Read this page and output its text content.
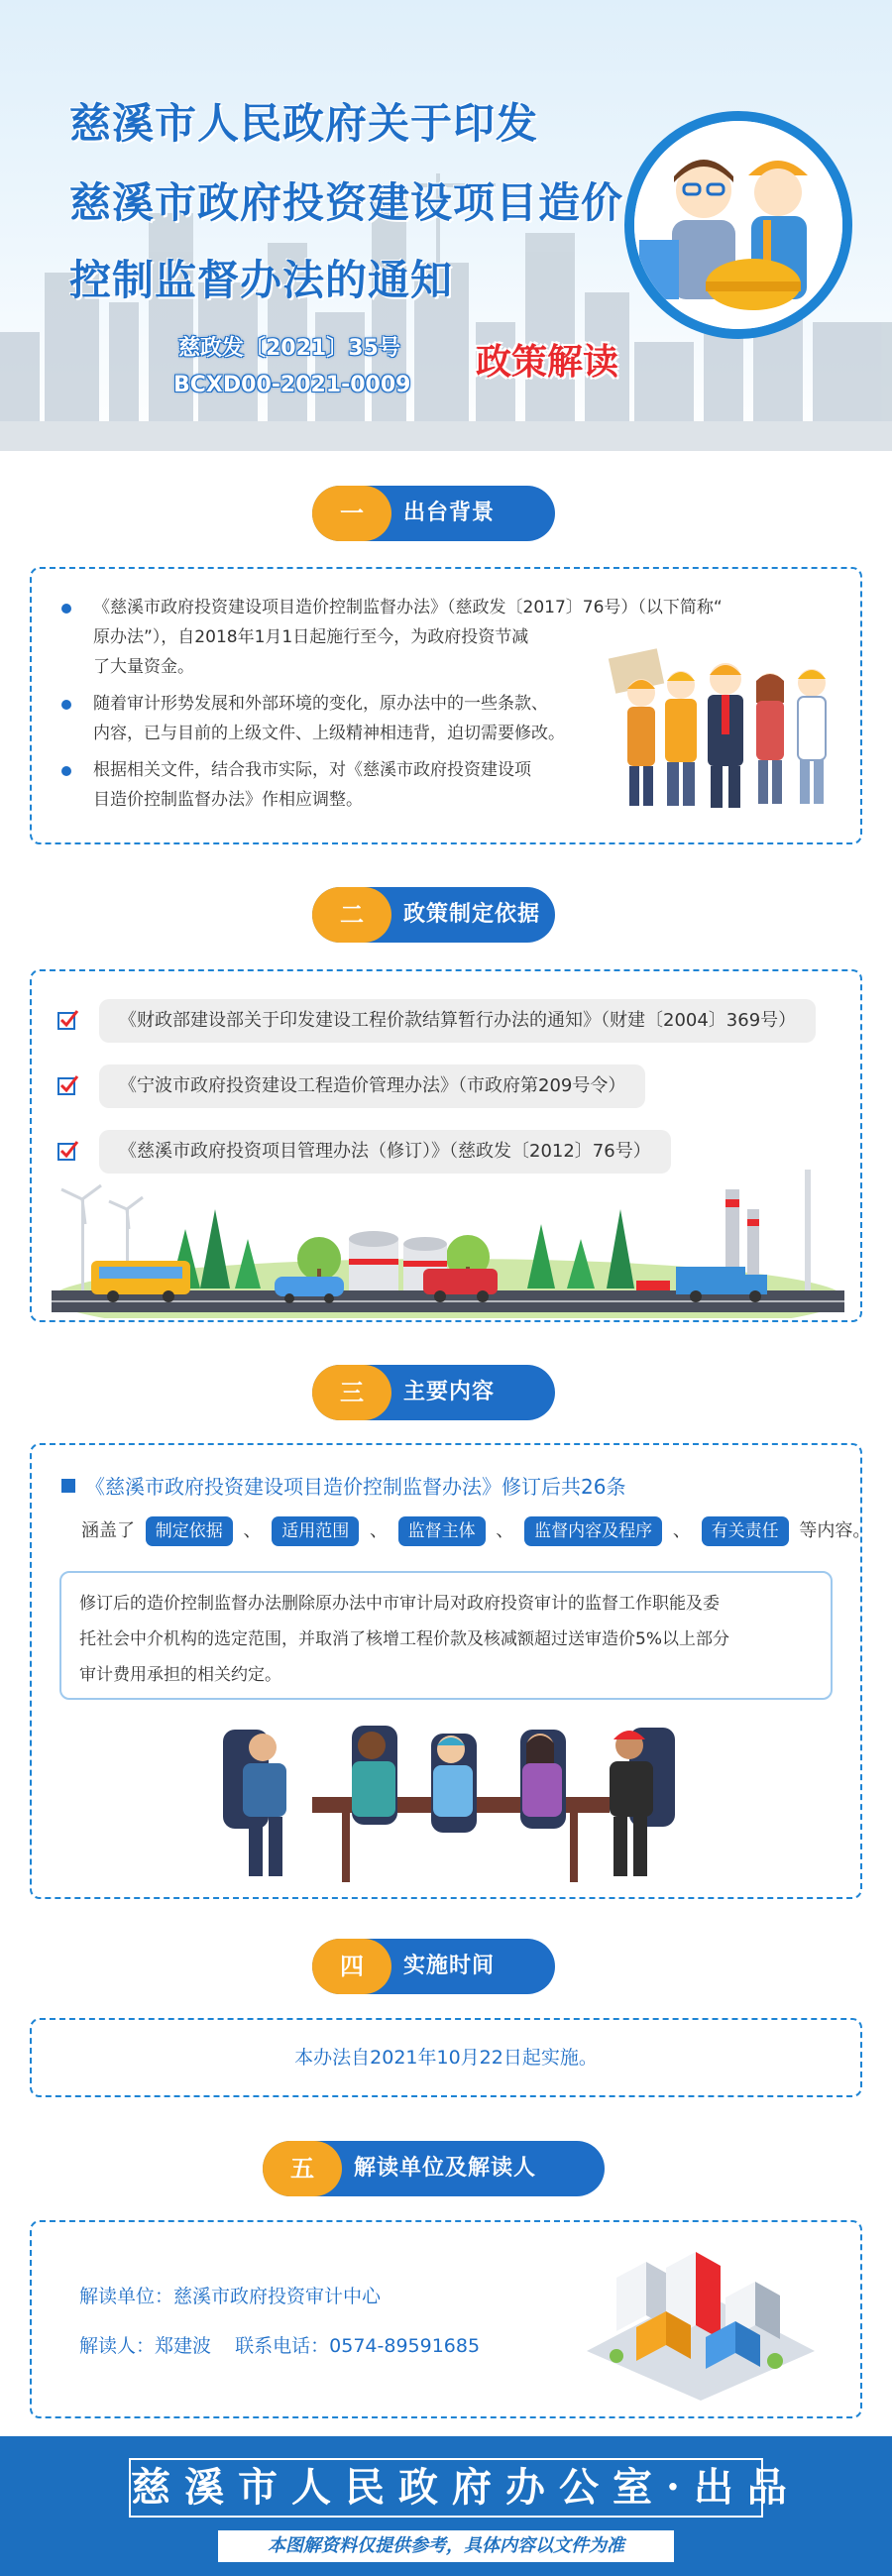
慈溪市人民政府关于印发
慈溪市政府投资建设项目造价
控制监督办法的通知
慈政发〔2021〕35号
BCXD00-2021-0009
政策解读
一	出台背景
《慈溪市政府投资建设项目造价控制监督办法》（慈政发〔2017〕76号）（以下简称“
原办法”），自2018年1月1日起施行至今，为政府投资节减
了大量资金。
随着审计形势发展和外部环境的变化，原办法中的一些条款、
内容，已与目前的上级文件、上级精神相违背，迫切需要修改。
根据相关文件，结合我市实际，对《慈溪市政府投资建设项
目造价控制监督办法》作相应调整。
二	政策制定依据
《财政部建设部关于印发建设工程价款结算暂行办法的通知》（财建〔2004〕369号）
《宁波市政府投资建设工程造价管理办法》（市政府第209号令）
《慈溪市政府投资项目管理办法（修订）》（慈政发〔2012〕76号）
三	主要内容
《慈溪市政府投资建设项目造价控制监督办法》修订后共26条
涵盖了 制定依据 、 适用范围 、 监督主体 、 监督内容及程序 、 有关责任 等内容。
修订后的造价控制监督办法删除原办法中市审计局对政府投资审计的监督工作职能及委
托社会中介机构的选定范围，并取消了核增工程价款及核减额超过送审造价5%以上部分
审计费用承担的相关约定。
四	实施时间
本办法自2021年10月22日起实施。
五	解读单位及解读人
解读单位：慈溪市政府投资审计中心
解读人：郑建波    联系电话：0574-89591685
慈溪市人民政府办公室·出品
本图解资料仅提供参考，具体内容以文件为准
